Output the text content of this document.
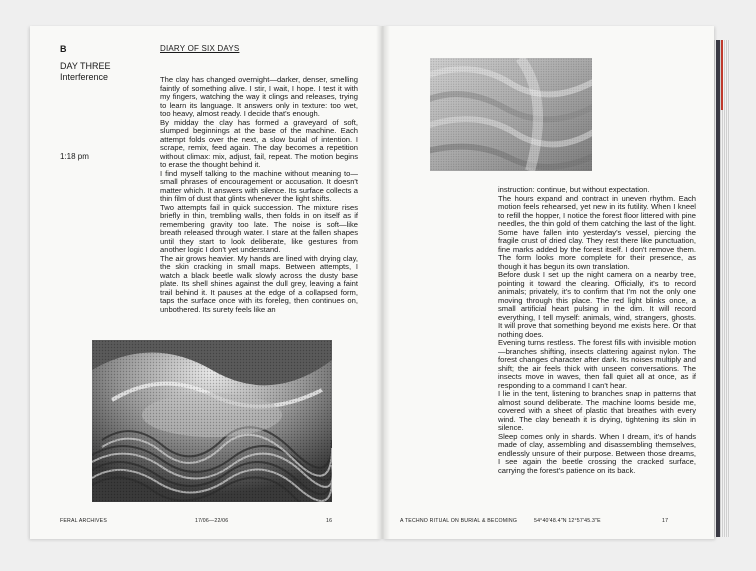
B	DIARY OF SIX DAYS
DAY THREE
Interference
1:18 pm

The clay has changed overnight—darker, denser, smelling faintly of something alive. I stir, I wait, I hope. I test it with my fingers, watching the way it clings and releases, trying to learn its language. It answers only in texture: too wet, too heavy, almost ready. I decide that's enough.

By midday the clay has formed a graveyard of soft, slumped beginnings at the base of the machine. Each attempt folds over the next, a slow burial of intention. I scrape, remix, feed again. The day becomes a repetition without climax: mix, adjust, fail, repeat. The motion begins to erase the thought behind it.

I find myself talking to the machine without meaning to—small phrases of encouragement or accusation. It doesn't matter which. It answers with silence. Its surface collects a thin film of dust that glints whenever the light shifts.

Two attempts fail in quick succession. The mixture rises briefly in thin, trembling walls, then folds in on itself as if remembering gravity too late. The noise is soft—like breath released through water. I stare at the fallen shapes until they start to look deliberate, like gestures from another logic I don't yet understand.

The air grows heavier. My hands are lined with drying clay, the skin cracking in small maps. Between attempts, I watch a black beetle walk slowly across the dusty base plate. Its shell shines against the dull grey, leaving a faint trail behind it. It pauses at the edge of a collapsed form, taps the surface once with its foreleg, then continues on, unbothered. Its surety feels like an

FERAL ARCHIVES	17/06—22/06	16

instruction: continue, but without expectation.

The hours expand and contract in uneven rhythm. Each motion feels rehearsed, yet new in its futility. When I kneel to refill the hopper, I notice the forest floor littered with pine needles, the thin gold of them catching the last of the light. Some have fallen into yesterday's vessel, piercing the fragile crust of dried clay. They rest there like punctuation, fine marks added by the forest itself. I don't remove them. The form looks more complete for their presence, as though it has begun its own translation.

Before dusk I set up the night camera on a nearby tree, pointing it toward the clearing. Officially, it's to record animals; privately, it's to confirm that I'm not the only one moving through this place. The red light blinks once, a small artificial heart pulsing in the dim. It will record everything, I tell myself: animals, wind, strangers, ghosts. It will prove that something beyond me exists here. Or that nothing does.

Evening turns restless. The forest fills with invisible motion—branches shifting, insects clattering against nylon. The forest changes character after dark. Its noises multiply and shift; the air feels thick with unseen conversations. The insects move in waves, then fall quiet all at once, as if responding to a command I can't hear.

I lie in the tent, listening to branches snap in patterns that almost sound deliberate. The machine looms beside me, covered with a sheet of plastic that breathes with every wind. The clay beneath it is drying, tightening its skin in silence.

Sleep comes only in shards. When I dream, it's of hands made of clay, assembling and disassembling themselves, endlessly unsure of their purpose. Between those dreams, I see again the beetle crossing the cracked surface, carrying the forest's patience on its back.

A TECHNO RITUAL ON BURIAL & BECOMING	54°40'48.4"N 12°57'45.3"E	17
